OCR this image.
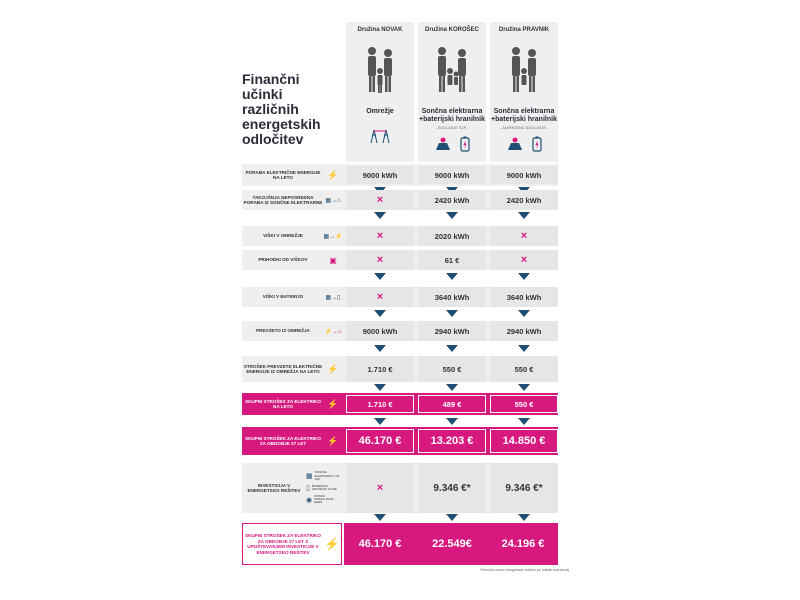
Finančni učinki različnih energetskih odločitev
Družina NOVAK
Omrežje
Družina KOROŠEC
Sončna elektrarna +baterijski hranilnik
- SOGLASJE SZP -
Družina PRAVNIK
Sončna elektrarna +baterijski hranilnik
- ZAVRNJENO SOGLASJE -
PORABA ELEKTRIČNE ENERGIJE NA LETO	⚡	9000 kWh	9000 kWh	9000 kWh
TAKOJŠNJA NEPOSREDNA PORABA IZ SONČNE ELEKTRARNE ▦→⌂	×	2420 kWh	2420 kWh
VIŠKI V OMREŽJE	▦→⚡	×	2020 kWh	×
PRIHODKI OD VIŠKOV	▣	×	61 €	×
VIŠKI V BATERIJO	▦→▯	×	3640 kWh	3640 kWh
PREVZETO IZ OMREŽJA	⚡→⌂	9000 kWh	2940 kWh	2940 kWh
STROŠEK PREVZETE ELEKTRIČNE ENERGIJE IZ OMREŽJA NA LETO ⚡	1.710 €	550 €	550 €
SKUPNI STROŠEK ZA ELEKTRIKO NA LETO	⚡	1.710 €	489 €	550 €
SKUPNI STROŠEK ZA ELEKTRIKO ZA OBDOBJE 27 LET	⚡	46.170 €	13.203 €	14.850 €
INVESTICIJA V ENERGETSKO REŠITEV
▦
SONČNA ELEKTRARNA 7.92 kWp
▯ BATERIJSKI HRANILNIK 10 kWh
◉
SISTEM UPRAVLJANJA HEMS
×	9.346 €*	9.346 €*
SKUPNI STROŠEK ZA ELEKTRIKO ZA OBDOBJE 27 LET Z UPOŠTEVANJEM INVESTICIJE V ENERGETSKO REŠITEV
⚡	46.170 €	22.549€	24.196 €
*Končna cena energetske rešitve po odbitk subvencij
